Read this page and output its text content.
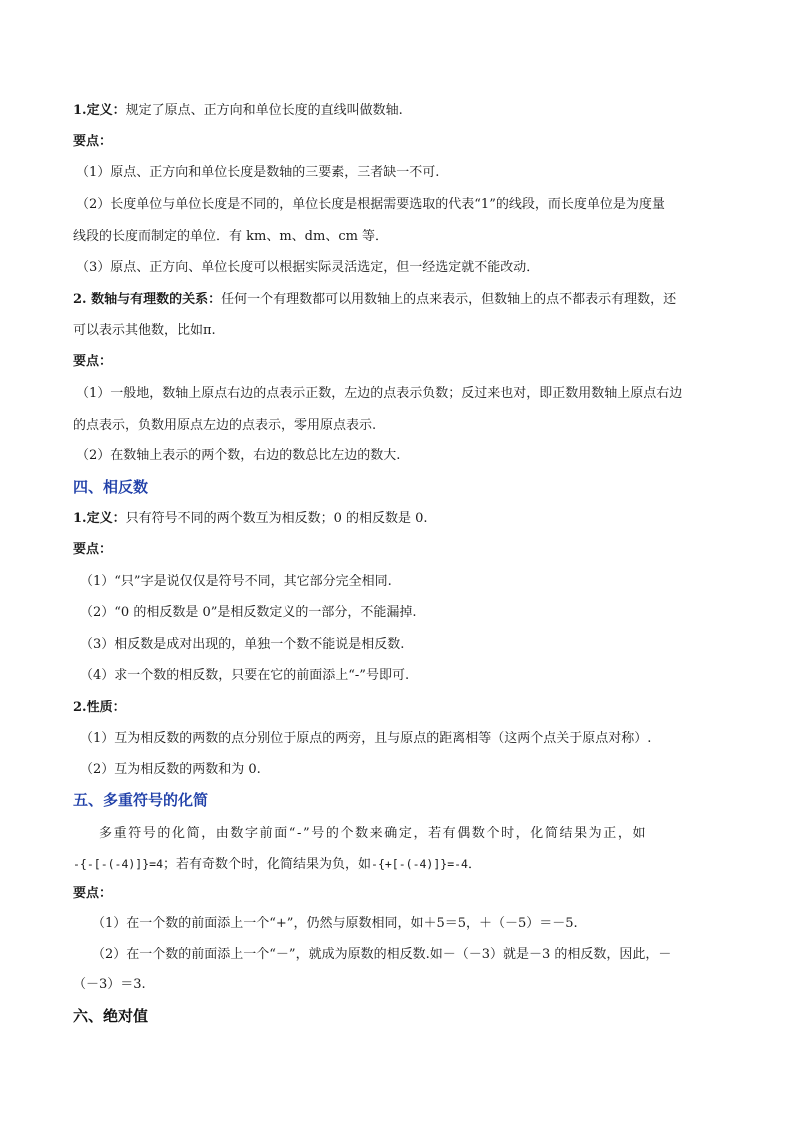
1.定义：规定了原点、正方向和单位长度的直线叫做数轴.
要点：
（1）原点、正方向和单位长度是数轴的三要素，三者缺一不可.
（2）长度单位与单位长度是不同的，单位长度是根据需要选取的代表“1”的线段，而长度单位是为度量
线段的长度而制定的单位．有 km、m、dm、cm 等．
（3）原点、正方向、单位长度可以根据实际灵活选定，但一经选定就不能改动．
2. 数轴与有理数的关系：任何一个有理数都可以用数轴上的点来表示，但数轴上的点不都表示有理数，还
可以表示其他数，比如π.
要点：
（1）一般地，数轴上原点右边的点表示正数，左边的点表示负数；反过来也对，即正数用数轴上原点右边
的点表示，负数用原点左边的点表示，零用原点表示.
（2）在数轴上表示的两个数，右边的数总比左边的数大.
四、相反数
1.定义：只有符号不同的两个数互为相反数；0 的相反数是 0.
要点：
（1）“只”字是说仅仅是符号不同，其它部分完全相同.
（2）“0 的相反数是 0”是相反数定义的一部分，不能漏掉.
（3）相反数是成对出现的，单独一个数不能说是相反数.
（4）求一个数的相反数，只要在它的前面添上“-”号即可.
2.性质：
（1）互为相反数的两数的点分别位于原点的两旁，且与原点的距离相等（这两个点关于原点对称）.
（2）互为相反数的两数和为 0.
五、多重符号的化简
多重符号的化简，由数字前面“-”号的个数来确定，若有偶数个时，化简结果为正，如
-{-[-(-4)]}=4；若有奇数个时，化简结果为负，如-{+[-(-4)]}=-4．
要点：
（1）在一个数的前面添上一个“+”，仍然与原数相同，如＋5＝5，＋（－5）＝－5.
（2）在一个数的前面添上一个“－”，就成为原数的相反数.如－（－3）就是－3 的相反数，因此，－
（－3）＝3.
六、绝对值
